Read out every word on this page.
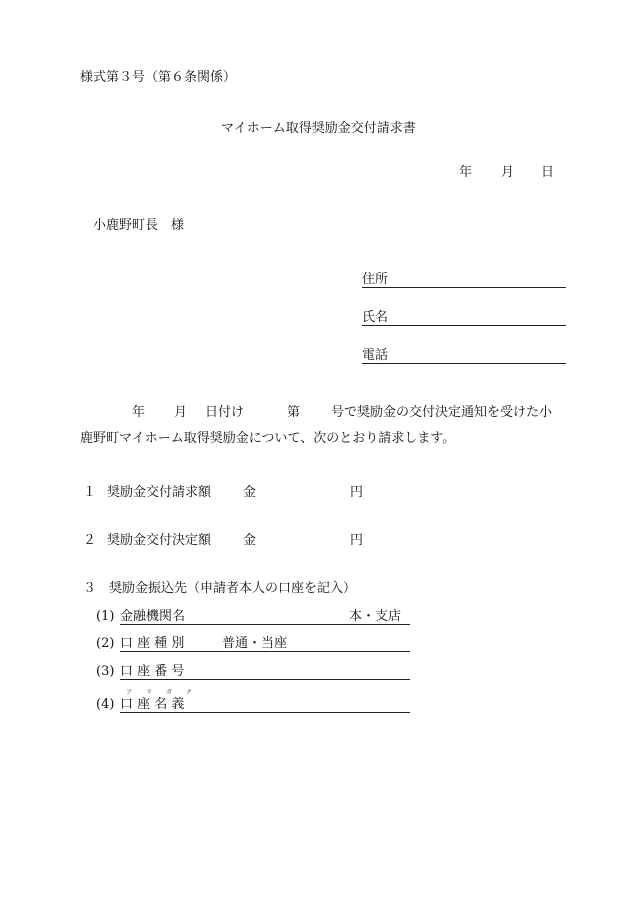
様式第３号（第６条関係）
マイホーム取得奨励金交付請求書
年 月 日
小鹿野町長　様
住所
氏名
電話
年 月 日付け	第 号で奨励金の交付決定通知を受けた小
鹿野町マイホーム取得奨励金について、次のとおり請求します。
１ 奨励金交付請求額 金	円
２ 奨励金交付決定額 金	円
３　奨励金振込先（申請者本人の口座を記入）
(1) 金融機関名	本・支店
(2) 口 座 種 別	普通・当座
(3) 口 座 番 号
フ リ ガ ナ
(4) 口 座 名 義
